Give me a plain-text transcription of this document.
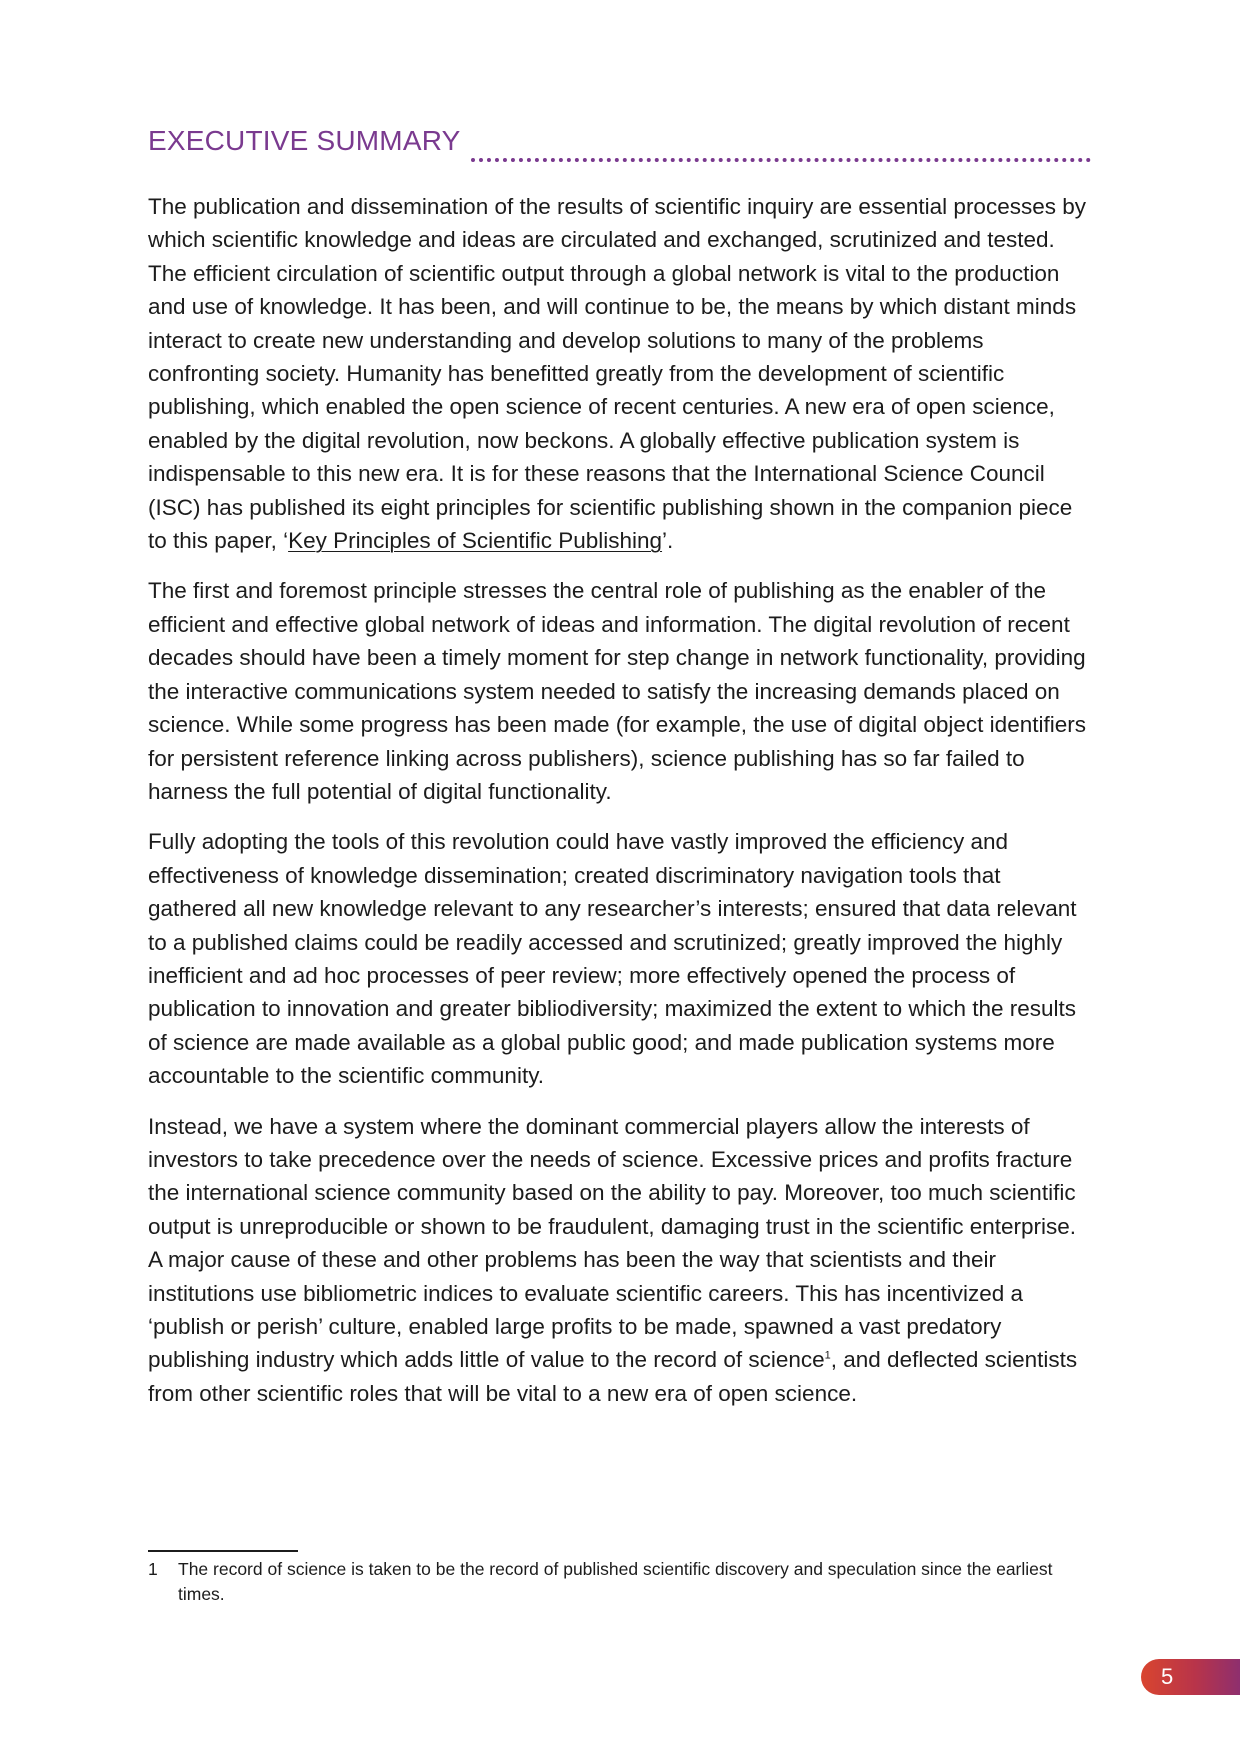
EXECUTIVE SUMMARY

The publication and dissemination of the results of scientific inquiry are essential processes by which scientific knowledge and ideas are circulated and exchanged, scrutinized and tested. The efficient circulation of scientific output through a global network is vital to the production and use of knowledge. It has been, and will continue to be, the means by which distant minds interact to create new understanding and develop solutions to many of the problems confronting society. Humanity has benefitted greatly from the development of scientific publishing, which enabled the open science of recent centuries. A new era of open science, enabled by the digital revolution, now beckons. A globally effective publication system is indispensable to this new era. It is for these reasons that the International Science Council (ISC) has published its eight principles for scientific publishing shown in the companion piece to this paper, ‘Key Principles of Scientific Publishing’.

The first and foremost principle stresses the central role of publishing as the enabler of the efficient and effective global network of ideas and information. The digital revolution of recent decades should have been a timely moment for step change in network functionality, providing the interactive communications system needed to satisfy the increasing demands placed on science. While some progress has been made (for example, the use of digital object identifiers for persistent reference linking across publishers), science publishing has so far failed to harness the full potential of digital functionality.

Fully adopting the tools of this revolution could have vastly improved the efficiency and effectiveness of knowledge dissemination; created discriminatory navigation tools that gathered all new knowledge relevant to any researcher’s interests; ensured that data relevant to a published claims could be readily accessed and scrutinized; greatly improved the highly inefficient and ad hoc processes of peer review; more effectively opened the process of publication to innovation and greater bibliodiversity; maximized the extent to which the results of science are made available as a global public good; and made publication systems more accountable to the scientific community.

Instead, we have a system where the dominant commercial players allow the interests of investors to take precedence over the needs of science. Excessive prices and profits fracture the international science community based on the ability to pay. Moreover, too much scientific output is unreproducible or shown to be fraudulent, damaging trust in the scientific enterprise. A major cause of these and other problems has been the way that scientists and their institutions use bibliometric indices to evaluate scientific careers. This has incentivized a ‘publish or perish’ culture, enabled large profits to be made, spawned a vast predatory publishing industry which adds little of value to the record of science$^1$, and deflected scientists from other scientific roles that will be vital to a new era of open science.

1	The record of science is taken to be the record of published scientific discovery and speculation since the earliest times.
5
